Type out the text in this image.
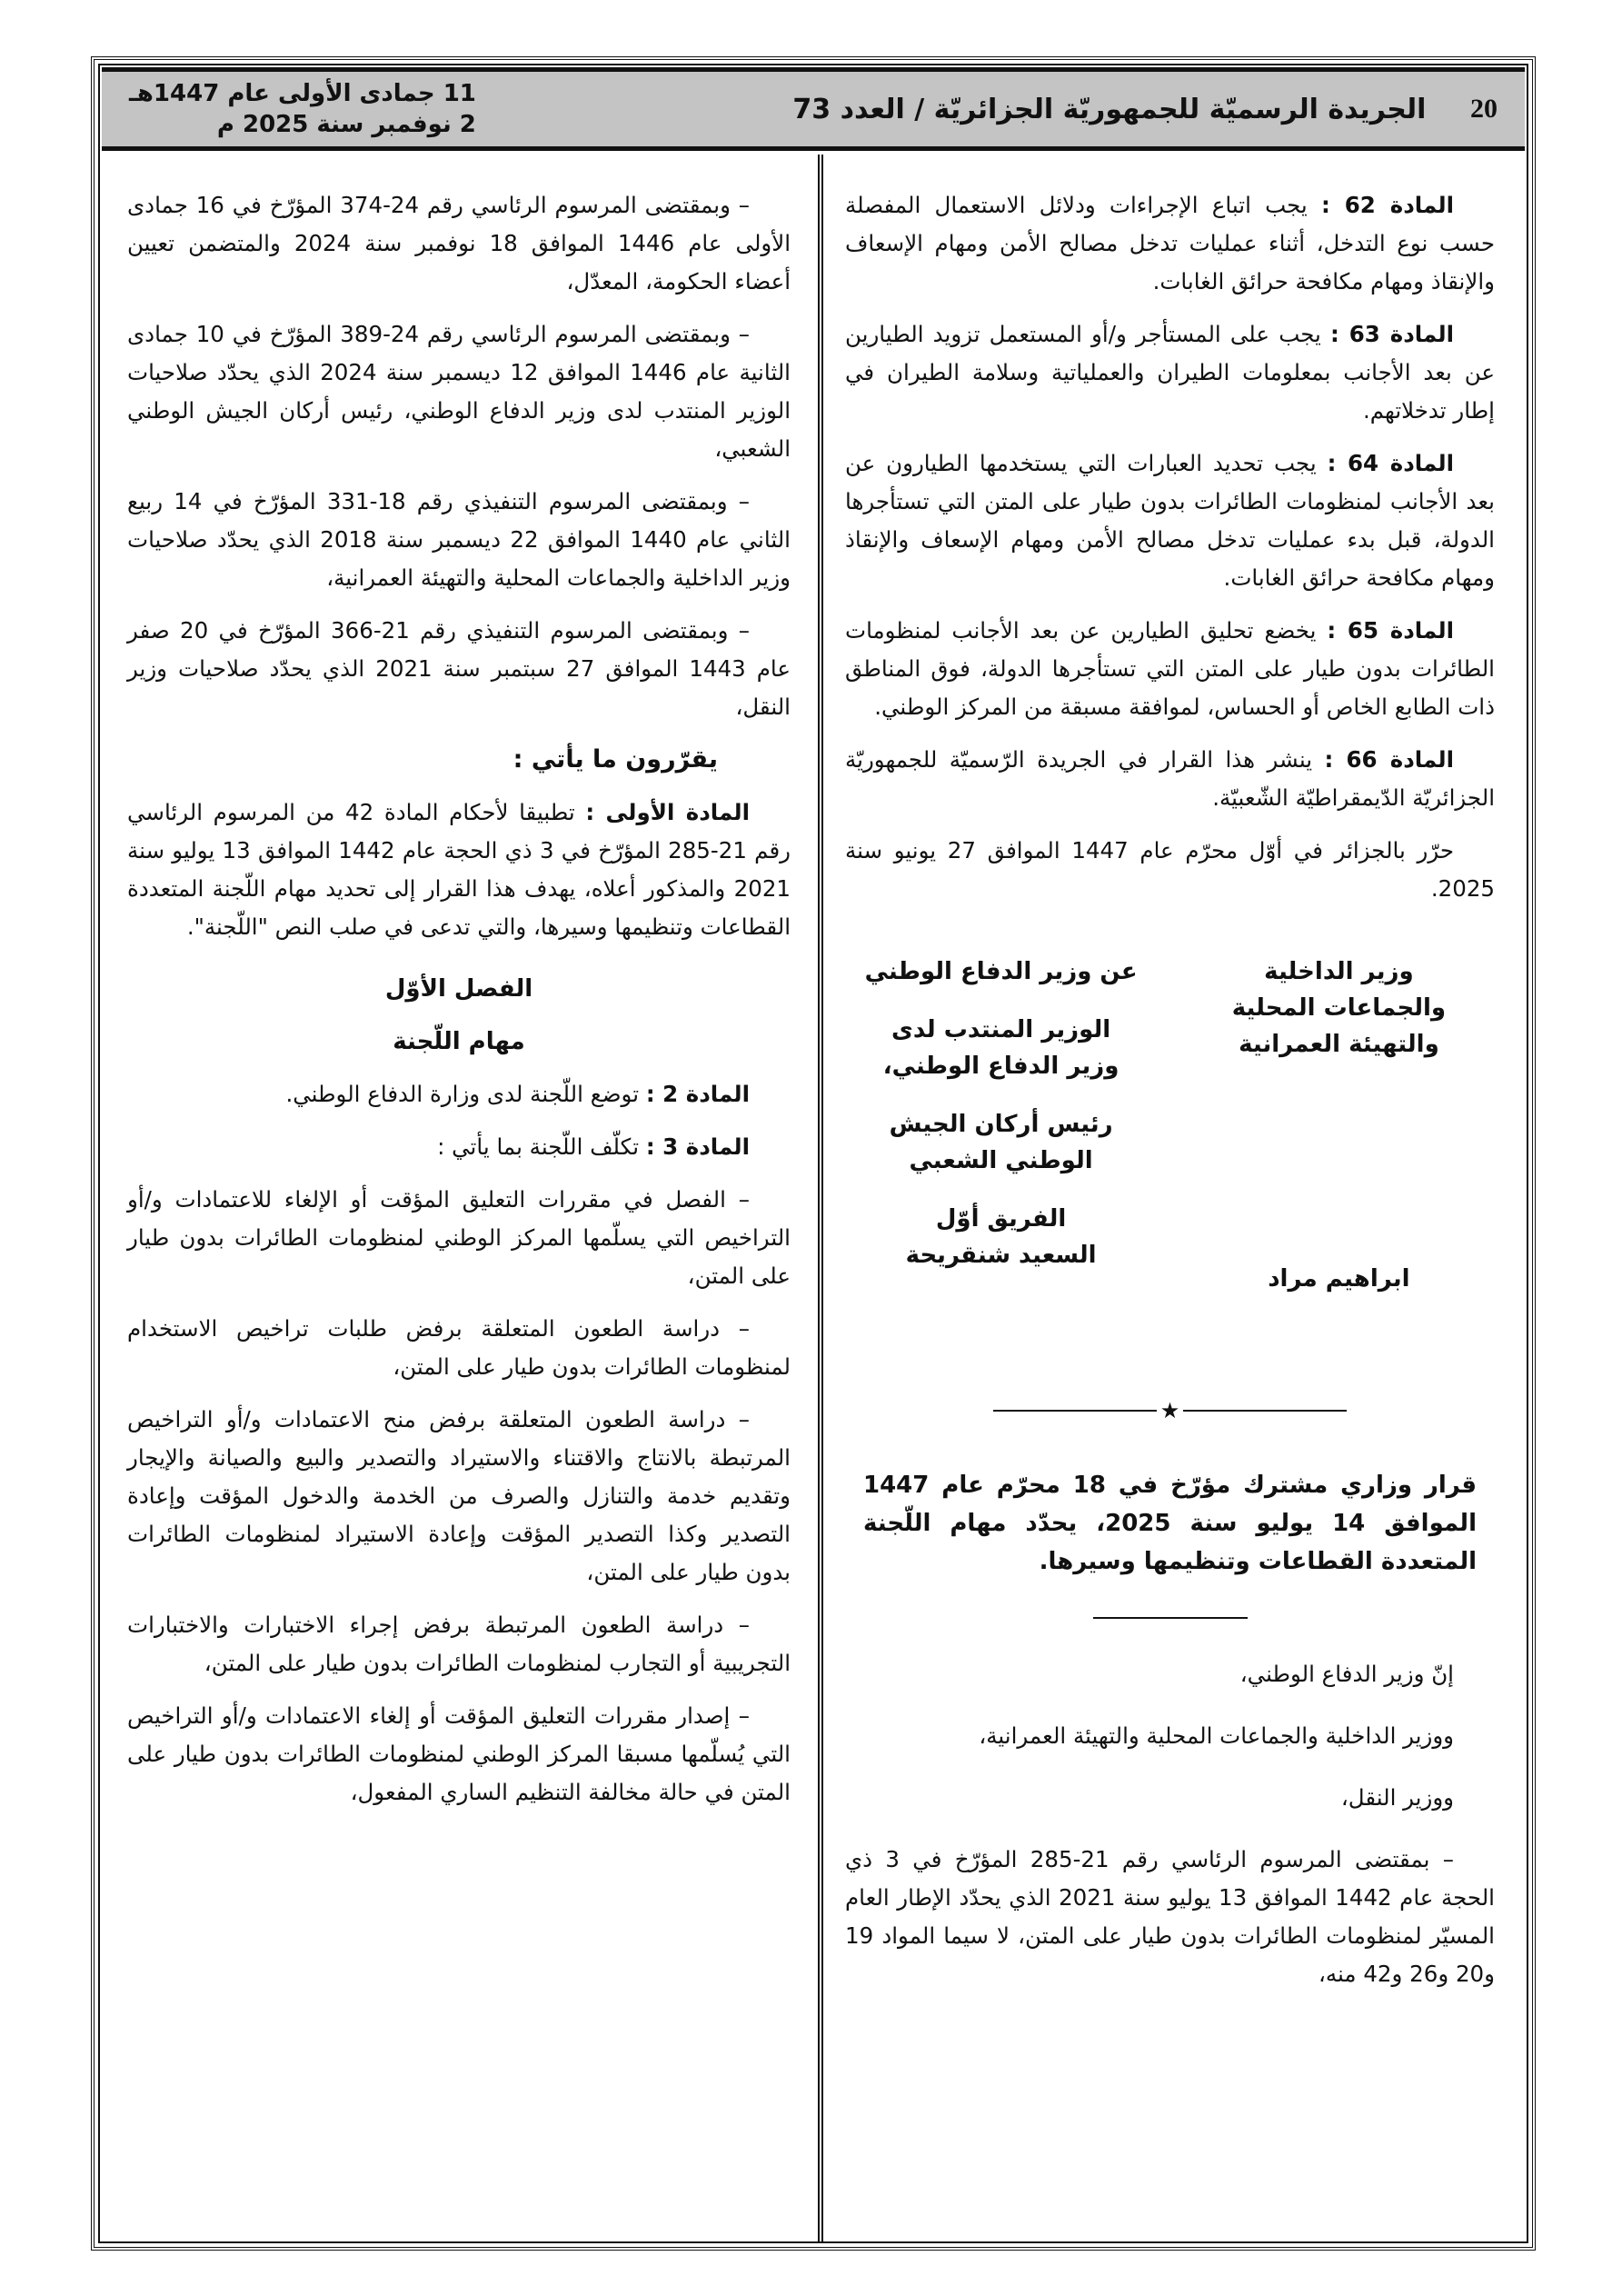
20
الجريدة الرسميّة للجمهوريّة الجزائريّة / العدد 73
11 جمادى الأولى عام 1447هـ
2 نوفمبر سنة 2025 م

المادة 62 : يجب اتباع الإجراءات ودلائل الاستعمال المفصلة حسب نوع التدخل، أثناء عمليات تدخل مصالح الأمن ومهام الإسعاف والإنقاذ ومهام مكافحة حرائق الغابات.

المادة 63 : يجب على المستأجر و/أو المستعمل تزويد الطيارين عن بعد الأجانب بمعلومات الطيران والعملياتية وسلامة الطيران في إطار تدخلاتهم.

المادة 64 : يجب تحديد العبارات التي يستخدمها الطيارون عن بعد الأجانب لمنظومات الطائرات بدون طيار على المتن التي تستأجرها الدولة، قبل بدء عمليات تدخل مصالح الأمن ومهام الإسعاف والإنقاذ ومهام مكافحة حرائق الغابات.

المادة 65 : يخضع تحليق الطيارين عن بعد الأجانب لمنظومات الطائرات بدون طيار على المتن التي تستأجرها الدولة، فوق المناطق ذات الطابع الخاص أو الحساس، لموافقة مسبقة من المركز الوطني.

المادة 66 : ينشر هذا القرار في الجريدة الرّسميّة للجمهوريّة الجزائريّة الدّيمقراطيّة الشّعبيّة.

حرّر بالجزائر في أوّل محرّم عام 1447 الموافق 27 يونيو سنة 2025.

وزير الداخلية والجماعات المحلية والتهيئة العمرانية
ابراهيم مراد
عن وزير الدفاع الوطني
الوزير المنتدب لدى وزير الدفاع الوطني،
رئيس أركان الجيش الوطني الشعبي
الفريق أوّل
السعيد شنقريحة
★

قرار وزاري مشترك مؤرّخ في 18 محرّم عام 1447 الموافق 14 يوليو سنة 2025، يحدّد مهام اللّجنة المتعددة القطاعات وتنظيمها وسيرها.

إنّ وزير الدفاع الوطني،

ووزير الداخلية والجماعات المحلية والتهيئة العمرانية،

ووزير النقل،

– بمقتضى المرسوم الرئاسي رقم 21-285 المؤرّخ في 3 ذي الحجة عام 1442 الموافق 13 يوليو سنة 2021 الذي يحدّد الإطار العام المسيّر لمنظومات الطائرات بدون طيار على المتن، لا سيما المواد 19 و20 و26 و42 منه،

– وبمقتضى المرسوم الرئاسي رقم 24-374 المؤرّخ في 16 جمادى الأولى عام 1446 الموافق 18 نوفمبر سنة 2024 والمتضمن تعيين أعضاء الحكومة، المعدّل،

– وبمقتضى المرسوم الرئاسي رقم 24-389 المؤرّخ في 10 جمادى الثانية عام 1446 الموافق 12 ديسمبر سنة 2024 الذي يحدّد صلاحيات الوزير المنتدب لدى وزير الدفاع الوطني، رئيس أركان الجيش الوطني الشعبي،

– وبمقتضى المرسوم التنفيذي رقم 18-331 المؤرّخ في 14 ربيع الثاني عام 1440 الموافق 22 ديسمبر سنة 2018 الذي يحدّد صلاحيات وزير الداخلية والجماعات المحلية والتهيئة العمرانية،

– وبمقتضى المرسوم التنفيذي رقم 21-366 المؤرّخ في 20 صفر عام 1443 الموافق 27 سبتمبر سنة 2021 الذي يحدّد صلاحيات وزير النقل،

يقرّرون ما يأتي :

المادة الأولى : تطبيقا لأحكام المادة 42 من المرسوم الرئاسي رقم 21-285 المؤرّخ في 3 ذي الحجة عام 1442 الموافق 13 يوليو سنة 2021 والمذكور أعلاه، يهدف هذا القرار إلى تحديد مهام اللّجنة المتعددة القطاعات وتنظيمها وسيرها، والتي تدعى في صلب النص "اللّجنة".

الفصل الأوّل

مهام اللّجنة

المادة 2 : توضع اللّجنة لدى وزارة الدفاع الوطني.

المادة 3 : تكلّف اللّجنة بما يأتي :

– الفصل في مقررات التعليق المؤقت أو الإلغاء للاعتمادات و/أو التراخيص التي يسلّمها المركز الوطني لمنظومات الطائرات بدون طيار على المتن،

– دراسة الطعون المتعلقة برفض طلبات تراخيص الاستخدام لمنظومات الطائرات بدون طيار على المتن،

– دراسة الطعون المتعلقة برفض منح الاعتمادات و/أو التراخيص المرتبطة بالانتاج والاقتناء والاستيراد والتصدير والبيع والصيانة والإيجار وتقديم خدمة والتنازل والصرف من الخدمة والدخول المؤقت وإعادة التصدير وكذا التصدير المؤقت وإعادة الاستيراد لمنظومات الطائرات بدون طيار على المتن،

– دراسة الطعون المرتبطة برفض إجراء الاختبارات والاختبارات التجريبية أو التجارب لمنظومات الطائرات بدون طيار على المتن،

– إصدار مقررات التعليق المؤقت أو إلغاء الاعتمادات و/أو التراخيص التي يُسلّمها مسبقا المركز الوطني لمنظومات الطائرات بدون طيار على المتن في حالة مخالفة التنظيم الساري المفعول،
